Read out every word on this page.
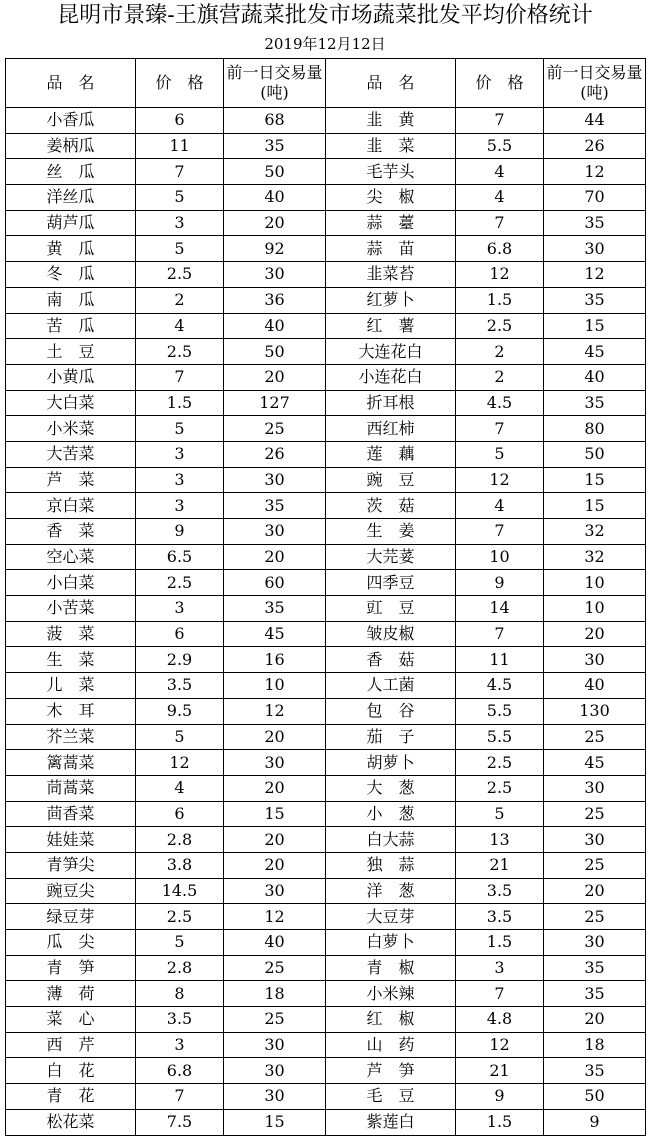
昆明市景臻-王旗营蔬菜批发市场蔬菜批发平均价格统计
2019年12月12日
品　名	价　格	前一日交易量(吨)	品　名	价　格	前一日交易量(吨)
小香瓜	6	68	韭　黄	7	44
姜柄瓜	11	35	韭　菜	5.5	26
丝　瓜	7	50	毛芋头	4	12
洋丝瓜	5	40	尖　椒	4	70
葫芦瓜	3	20	蒜　薹	7	35
黄　瓜	5	92	蒜　苗	6.8	30
冬　瓜	2.5	30	韭菜苔	12	12
南　瓜	2	36	红萝卜	1.5	35
苦　瓜	4	40	红　薯	2.5	15
土　豆	2.5	50	大连花白	2	45
小黄瓜	7	20	小连花白	2	40
大白菜	1.5	127	折耳根	4.5	35
小米菜	5	25	西红柿	7	80
大苦菜	3	26	莲　藕	5	50
芦　菜	3	30	豌　豆	12	15
京白菜	3	35	茨　菇	4	15
香　菜	9	30	生　姜	7	32
空心菜	6.5	20	大芫荽	10	32
小白菜	2.5	60	四季豆	9	10
小苦菜	3	35	豇　豆	14	10
菠　菜	6	45	皱皮椒	7	20
生　菜	2.9	16	香　菇	11	30
儿　菜	3.5	10	人工菌	4.5	40
木　耳	9.5	12	包　谷	5.5	130
芥兰菜	5	20	茄　子	5.5	25
篱蒿菜	12	30	胡萝卜	2.5	45
茼蒿菜	4	20	大　葱	2.5	30
茴香菜	6	15	小　葱	5	25
娃娃菜	2.8	20	白大蒜	13	30
青笋尖	3.8	20	独　蒜	21	25
豌豆尖	14.5	30	洋　葱	3.5	20
绿豆芽	2.5	12	大豆芽	3.5	25
瓜　尖	5	40	白萝卜	1.5	30
青　笋	2.8	25	青　椒	3	35
薄　荷	8	18	小米辣	7	35
菜　心	3.5	25	红　椒	4.8	20
西　芹	3	30	山　药	12	18
白　花	6.8	30	芦　笋	21	35
青　花	7	30	毛　豆	9	50
松花菜	7.5	15	紫莲白	1.5	9
